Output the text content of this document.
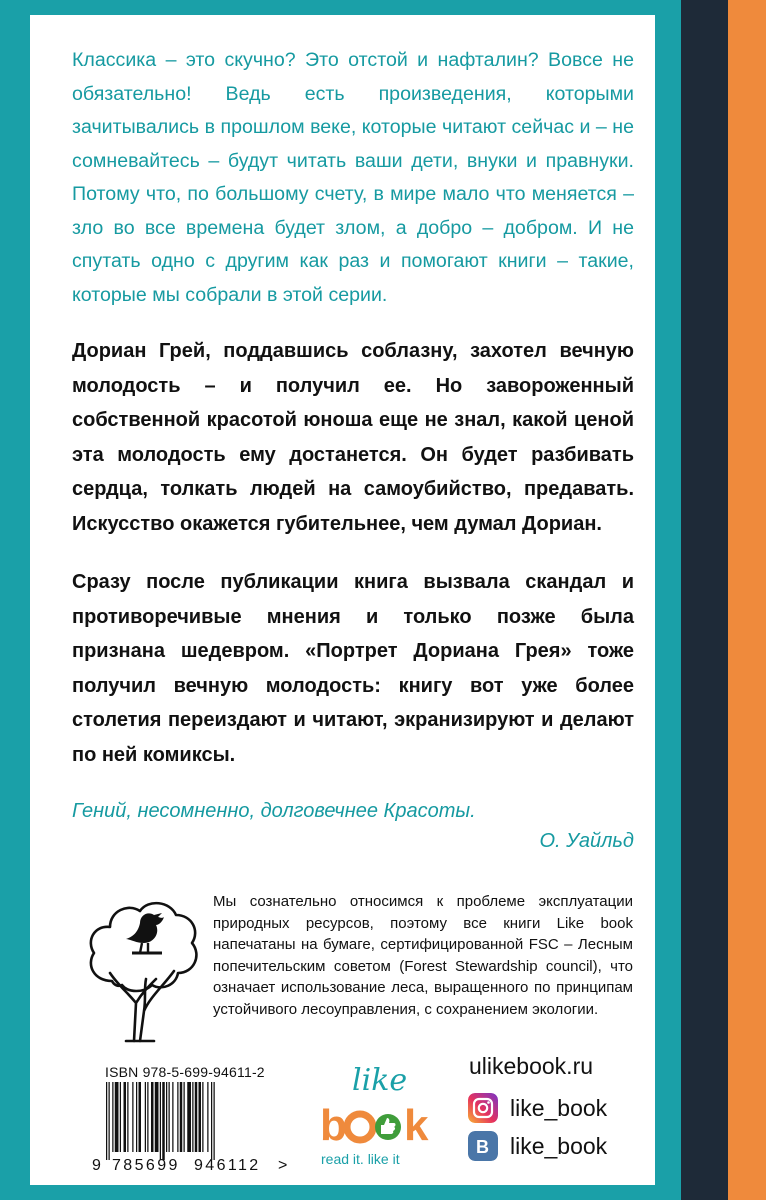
Классика – это скучно? Это отстой и нафталин? Вовсе не обязательно! Ведь есть произведения, которыми зачитывались в прошлом веке, которые читают сейчас и – не сомневайтесь – будут читать ваши дети, внуки и правнуки. Потому что, по большому счету, в мире мало что меняется – зло во все времена будет злом, а добро – добром. И не спутать одно с другим как раз и помогают книги – такие, которые мы собрали в этой серии.

Дориан Грей, поддавшись соблазну, захотел вечную молодость – и получил ее. Но завороженный собственной красотой юноша еще не знал, какой ценой эта молодость ему достанется. Он будет разбивать сердца, толкать людей на самоубийство, предавать. Искусство окажется губительнее, чем думал Дориан.

Сразу после публикации книга вызвала скандал и противоречивые мнения и только позже была признана шедевром. «Портрет Дориана Грея» тоже получил вечную молодость: книгу вот уже более столетия переиздают и читают, экранизируют и делают по ней комиксы.

Гений, несомненно, долговечнее Красоты.

О. Уайльд

Мы сознательно относимся к проблеме эксплуатации природных ресурсов, поэтому все книги Like book напечатаны на бумаге, сертифицированной FSC – Лесным попечительским советом (Forest Stewardship council), что означает использование леса, выращенного по принципам устойчивого лесоуправления, с сохранением экологии.

ISBN 978-5-699-94611-2

9 785699 946112 >
like
b k
read it. like it

ulikebook.ru

like_book
B like_book
